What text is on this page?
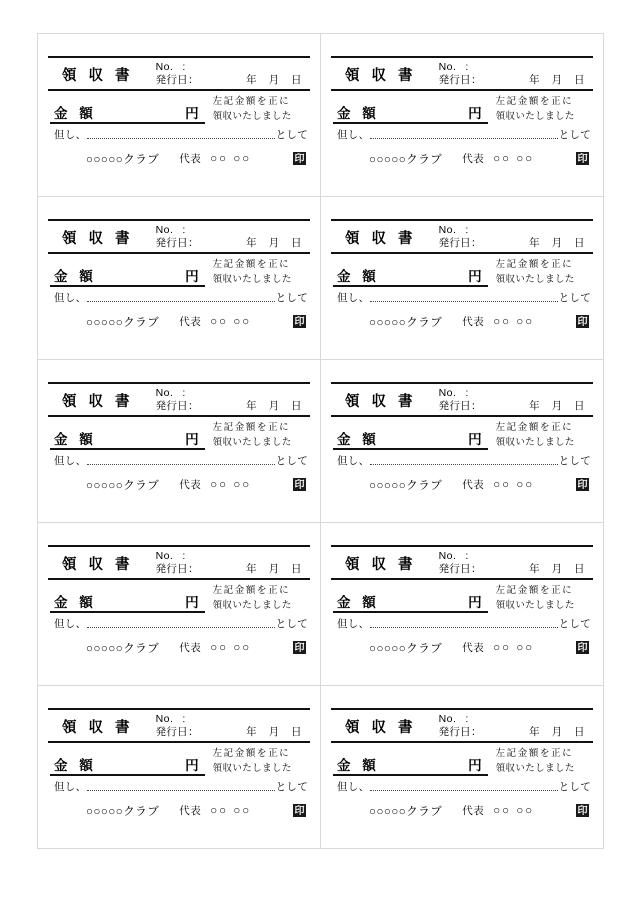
領 収 書
No. :
発行日：	年 月 日
金 額	円
左記金額を正に
領収いたしました
但し、	として
○○○○○クラブ 代表 ○○ ○○	印
領 収 書
No. :
発行日：	年 月 日
金 額	円
左記金額を正に
領収いたしました
但し、	として
○○○○○クラブ 代表 ○○ ○○	印
領 収 書
No. :
発行日：	年 月 日
金 額	円
左記金額を正に
領収いたしました
但し、	として
○○○○○クラブ 代表 ○○ ○○	印
領 収 書
No. :
発行日：	年 月 日
金 額	円
左記金額を正に
領収いたしました
但し、	として
○○○○○クラブ 代表 ○○ ○○	印
領 収 書
No. :
発行日：	年 月 日
金 額	円
左記金額を正に
領収いたしました
但し、	として
○○○○○クラブ 代表 ○○ ○○	印
領 収 書
No. :
発行日：	年 月 日
金 額	円
左記金額を正に
領収いたしました
但し、	として
○○○○○クラブ 代表 ○○ ○○	印
領 収 書
No. :
発行日：	年 月 日
金 額	円
左記金額を正に
領収いたしました
但し、	として
○○○○○クラブ 代表 ○○ ○○	印
領 収 書
No. :
発行日：	年 月 日
金 額	円
左記金額を正に
領収いたしました
但し、	として
○○○○○クラブ 代表 ○○ ○○	印
領 収 書
No. :
発行日：	年 月 日
金 額	円
左記金額を正に
領収いたしました
但し、	として
○○○○○クラブ 代表 ○○ ○○	印
領 収 書
No. :
発行日：	年 月 日
金 額	円
左記金額を正に
領収いたしました
但し、	として
○○○○○クラブ 代表 ○○ ○○	印
